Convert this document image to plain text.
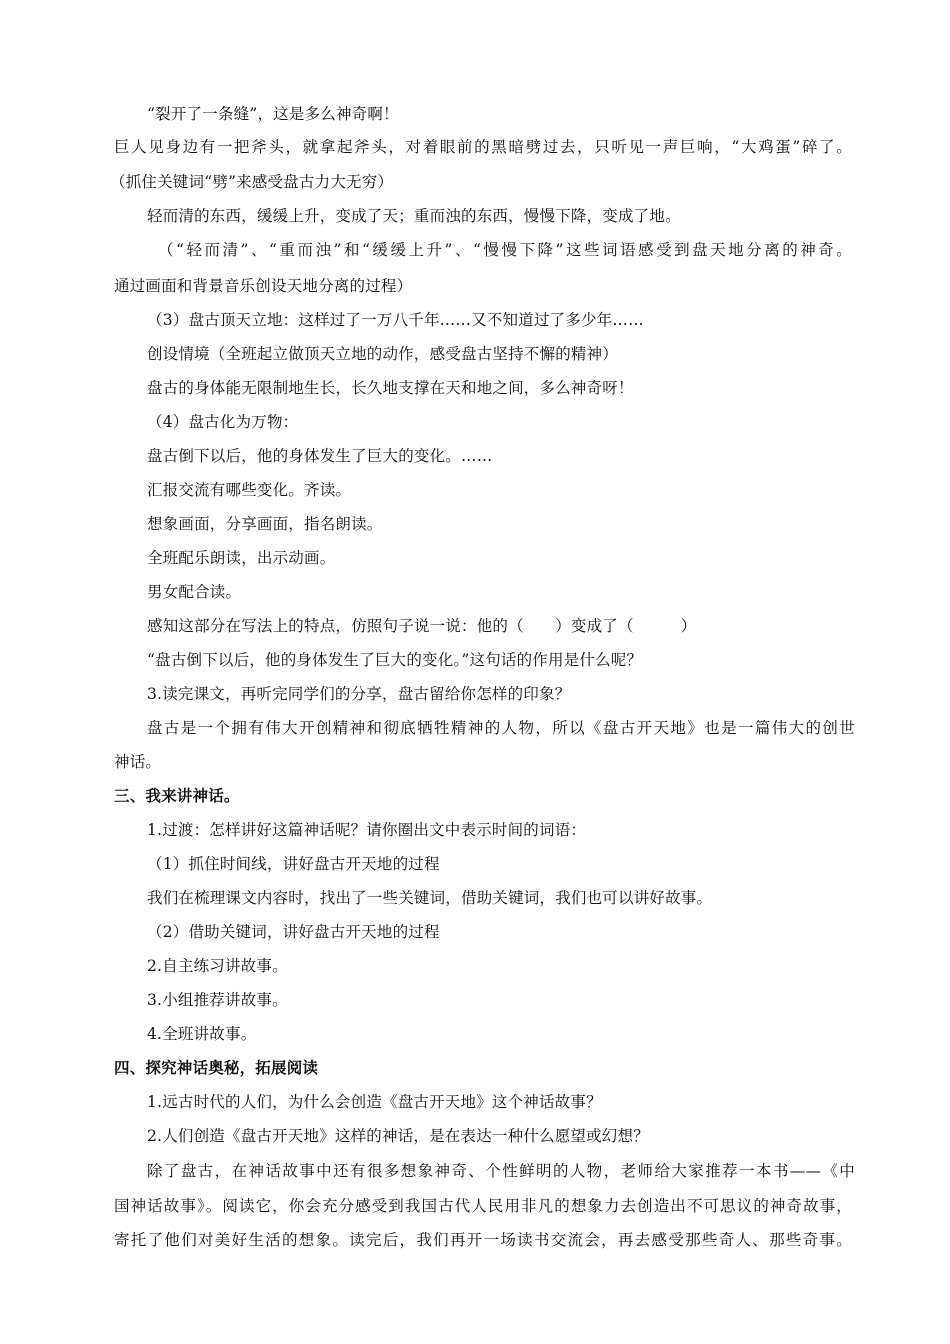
“裂开了一条缝”，这是多么神奇啊！
巨人见身边有一把斧头，就拿起斧头，对着眼前的黑暗劈过去，只听见一声巨响，“大鸡蛋”碎了。
（抓住关键词“劈”来感受盘古力大无穷）
轻而清的东西，缓缓上升，变成了天；重而浊的东西，慢慢下降，变成了地。
（“轻而清”、“重而浊”和“缓缓上升”、“慢慢下降”这些词语感受到盘天地分离的神奇。
通过画面和背景音乐创设天地分离的过程）
（3）盘古顶天立地：这样过了一万八千年……又不知道过了多少年……
创设情境（全班起立做顶天立地的动作，感受盘古坚持不懈的精神）
盘古的身体能无限制地生长，长久地支撑在天和地之间，多么神奇呀！
（4）盘古化为万物：
盘古倒下以后，他的身体发生了巨大的变化。……
汇报交流有哪些变化。齐读。
想象画面，分享画面，指名朗读。
全班配乐朗读，出示动画。
男女配合读。
感知这部分在写法上的特点，仿照句子说一说：他的（　　）变成了（　　　）
“盘古倒下以后，他的身体发生了巨大的变化。”这句话的作用是什么呢？
3.读完课文，再听完同学们的分享，盘古留给你怎样的印象？
盘古是一个拥有伟大开创精神和彻底牺牲精神的人物，所以《盘古开天地》也是一篇伟大的创世
神话。
三、我来讲神话。
1.过渡：怎样讲好这篇神话呢？请你圈出文中表示时间的词语：
（1）抓住时间线，讲好盘古开天地的过程
我们在梳理课文内容时，找出了一些关键词，借助关键词，我们也可以讲好故事。
（2）借助关键词，讲好盘古开天地的过程
2.自主练习讲故事。
3.小组推荐讲故事。
4.全班讲故事。
四、探究神话奥秘，拓展阅读
1.远古时代的人们，为什么会创造《盘古开天地》这个神话故事？
2.人们创造《盘古开天地》这样的神话，是在表达一种什么愿望或幻想？
除了盘古，在神话故事中还有很多想象神奇、个性鲜明的人物，老师给大家推荐一本书——《中
国神话故事》。阅读它，你会充分感受到我国古代人民用非凡的想象力去创造出不可思议的神奇故事，
寄托了他们对美好生活的想象。读完后，我们再开一场读书交流会，再去感受那些奇人、那些奇事。
